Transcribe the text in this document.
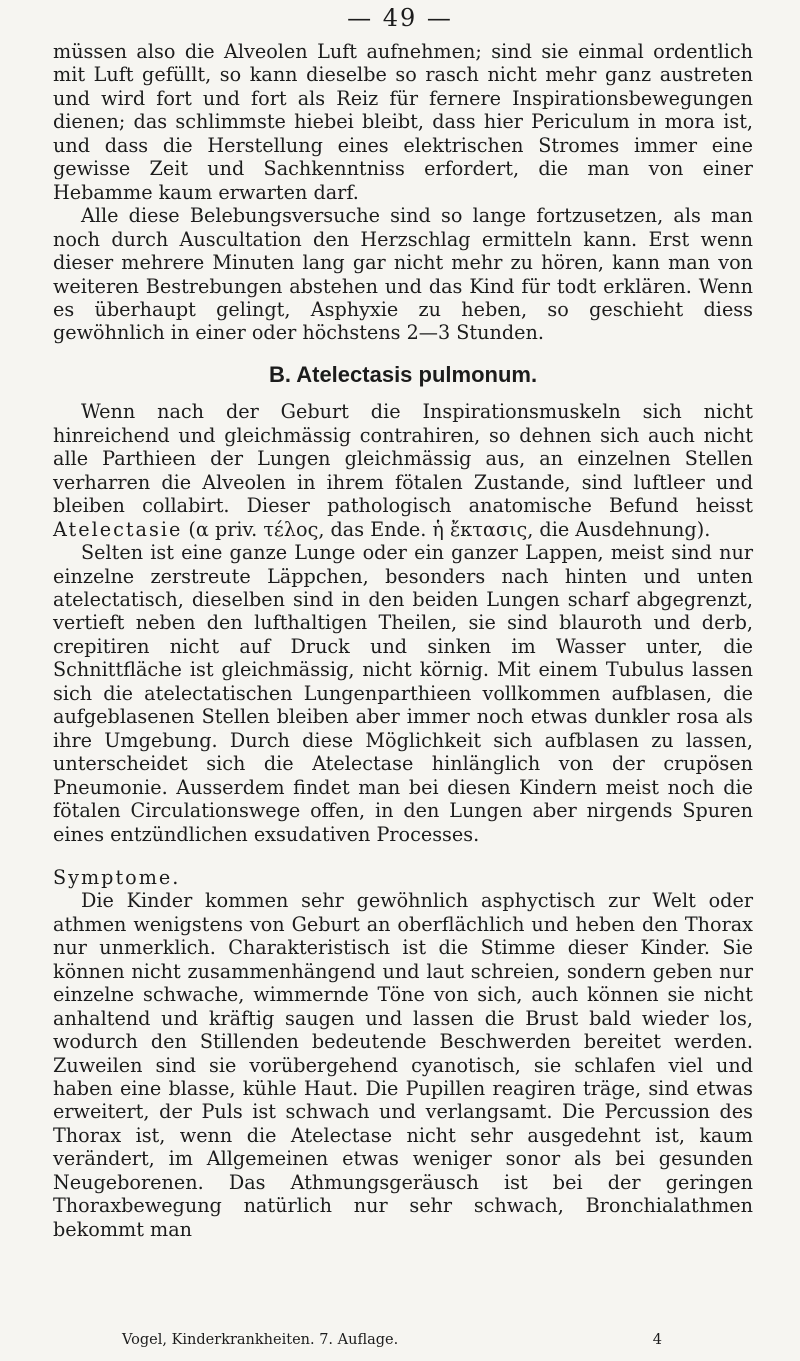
— 49 —

müssen also die Alveolen Luft aufnehmen; sind sie einmal ordentlich mit Luft gefüllt, so kann dieselbe so rasch nicht mehr ganz austreten und wird fort und fort als Reiz für fernere Inspirationsbewegungen dienen; das schlimmste hiebei bleibt, dass hier Periculum in mora ist, und dass die Herstellung eines elektrischen Stromes immer eine gewisse Zeit und Sachkenntniss erfordert, die man von einer Hebamme kaum erwarten darf.

Alle diese Belebungsversuche sind so lange fortzusetzen, als man noch durch Auscultation den Herzschlag ermitteln kann. Erst wenn dieser mehrere Minuten lang gar nicht mehr zu hören, kann man von weiteren Bestrebungen abstehen und das Kind für todt erklären. Wenn es überhaupt gelingt, Asphyxie zu heben, so geschieht diess gewöhnlich in einer oder höchstens 2—3 Stunden.

B. Atelectasis pulmonum.

Wenn nach der Geburt die Inspirationsmuskeln sich nicht hinreichend und gleichmässig contrahiren, so dehnen sich auch nicht alle Parthieen der Lungen gleichmässig aus, an einzelnen Stellen verharren die Alveolen in ihrem fötalen Zustande, sind luftleer und bleiben collabirt. Dieser pathologisch anatomische Befund heisst Atelectasie (α priv. τέλος, das Ende. ἡ ἔκτασις, die Ausdehnung).

Selten ist eine ganze Lunge oder ein ganzer Lappen, meist sind nur einzelne zerstreute Läppchen, besonders nach hinten und unten atelectatisch, dieselben sind in den beiden Lungen scharf abgegrenzt, vertieft neben den lufthaltigen Theilen, sie sind blauroth und derb, crepitiren nicht auf Druck und sinken im Wasser unter, die Schnittfläche ist gleichmässig, nicht körnig. Mit einem Tubulus lassen sich die atelectatischen Lungenparthieen vollkommen aufblasen, die aufgeblasenen Stellen bleiben aber immer noch etwas dunkler rosa als ihre Umgebung. Durch diese Möglichkeit sich aufblasen zu lassen, unterscheidet sich die Atelectase hinlänglich von der crupösen Pneumonie. Ausserdem findet man bei diesen Kindern meist noch die fötalen Circulationswege offen, in den Lungen aber nirgends Spuren eines entzündlichen exsudativen Processes.

Symptome.

Die Kinder kommen sehr gewöhnlich asphyctisch zur Welt oder athmen wenigstens von Geburt an oberflächlich und heben den Thorax nur unmerklich. Charakteristisch ist die Stimme dieser Kinder. Sie können nicht zusammenhängend und laut schreien, sondern geben nur einzelne schwache, wimmernde Töne von sich, auch können sie nicht anhaltend und kräftig saugen und lassen die Brust bald wieder los, wodurch den Stillenden bedeutende Beschwerden bereitet werden. Zuweilen sind sie vorübergehend cyanotisch, sie schlafen viel und haben eine blasse, kühle Haut. Die Pupillen reagiren träge, sind etwas erweitert, der Puls ist schwach und verlangsamt. Die Percussion des Thorax ist, wenn die Atelectase nicht sehr ausgedehnt ist, kaum verändert, im Allgemeinen etwas weniger sonor als bei gesunden Neugeborenen. Das Athmungsgeräusch ist bei der geringen Thoraxbewegung natürlich nur sehr schwach, Bronchialathmen bekommt man

Vogel, Kinderkrankheiten. 7. Auflage.	4
